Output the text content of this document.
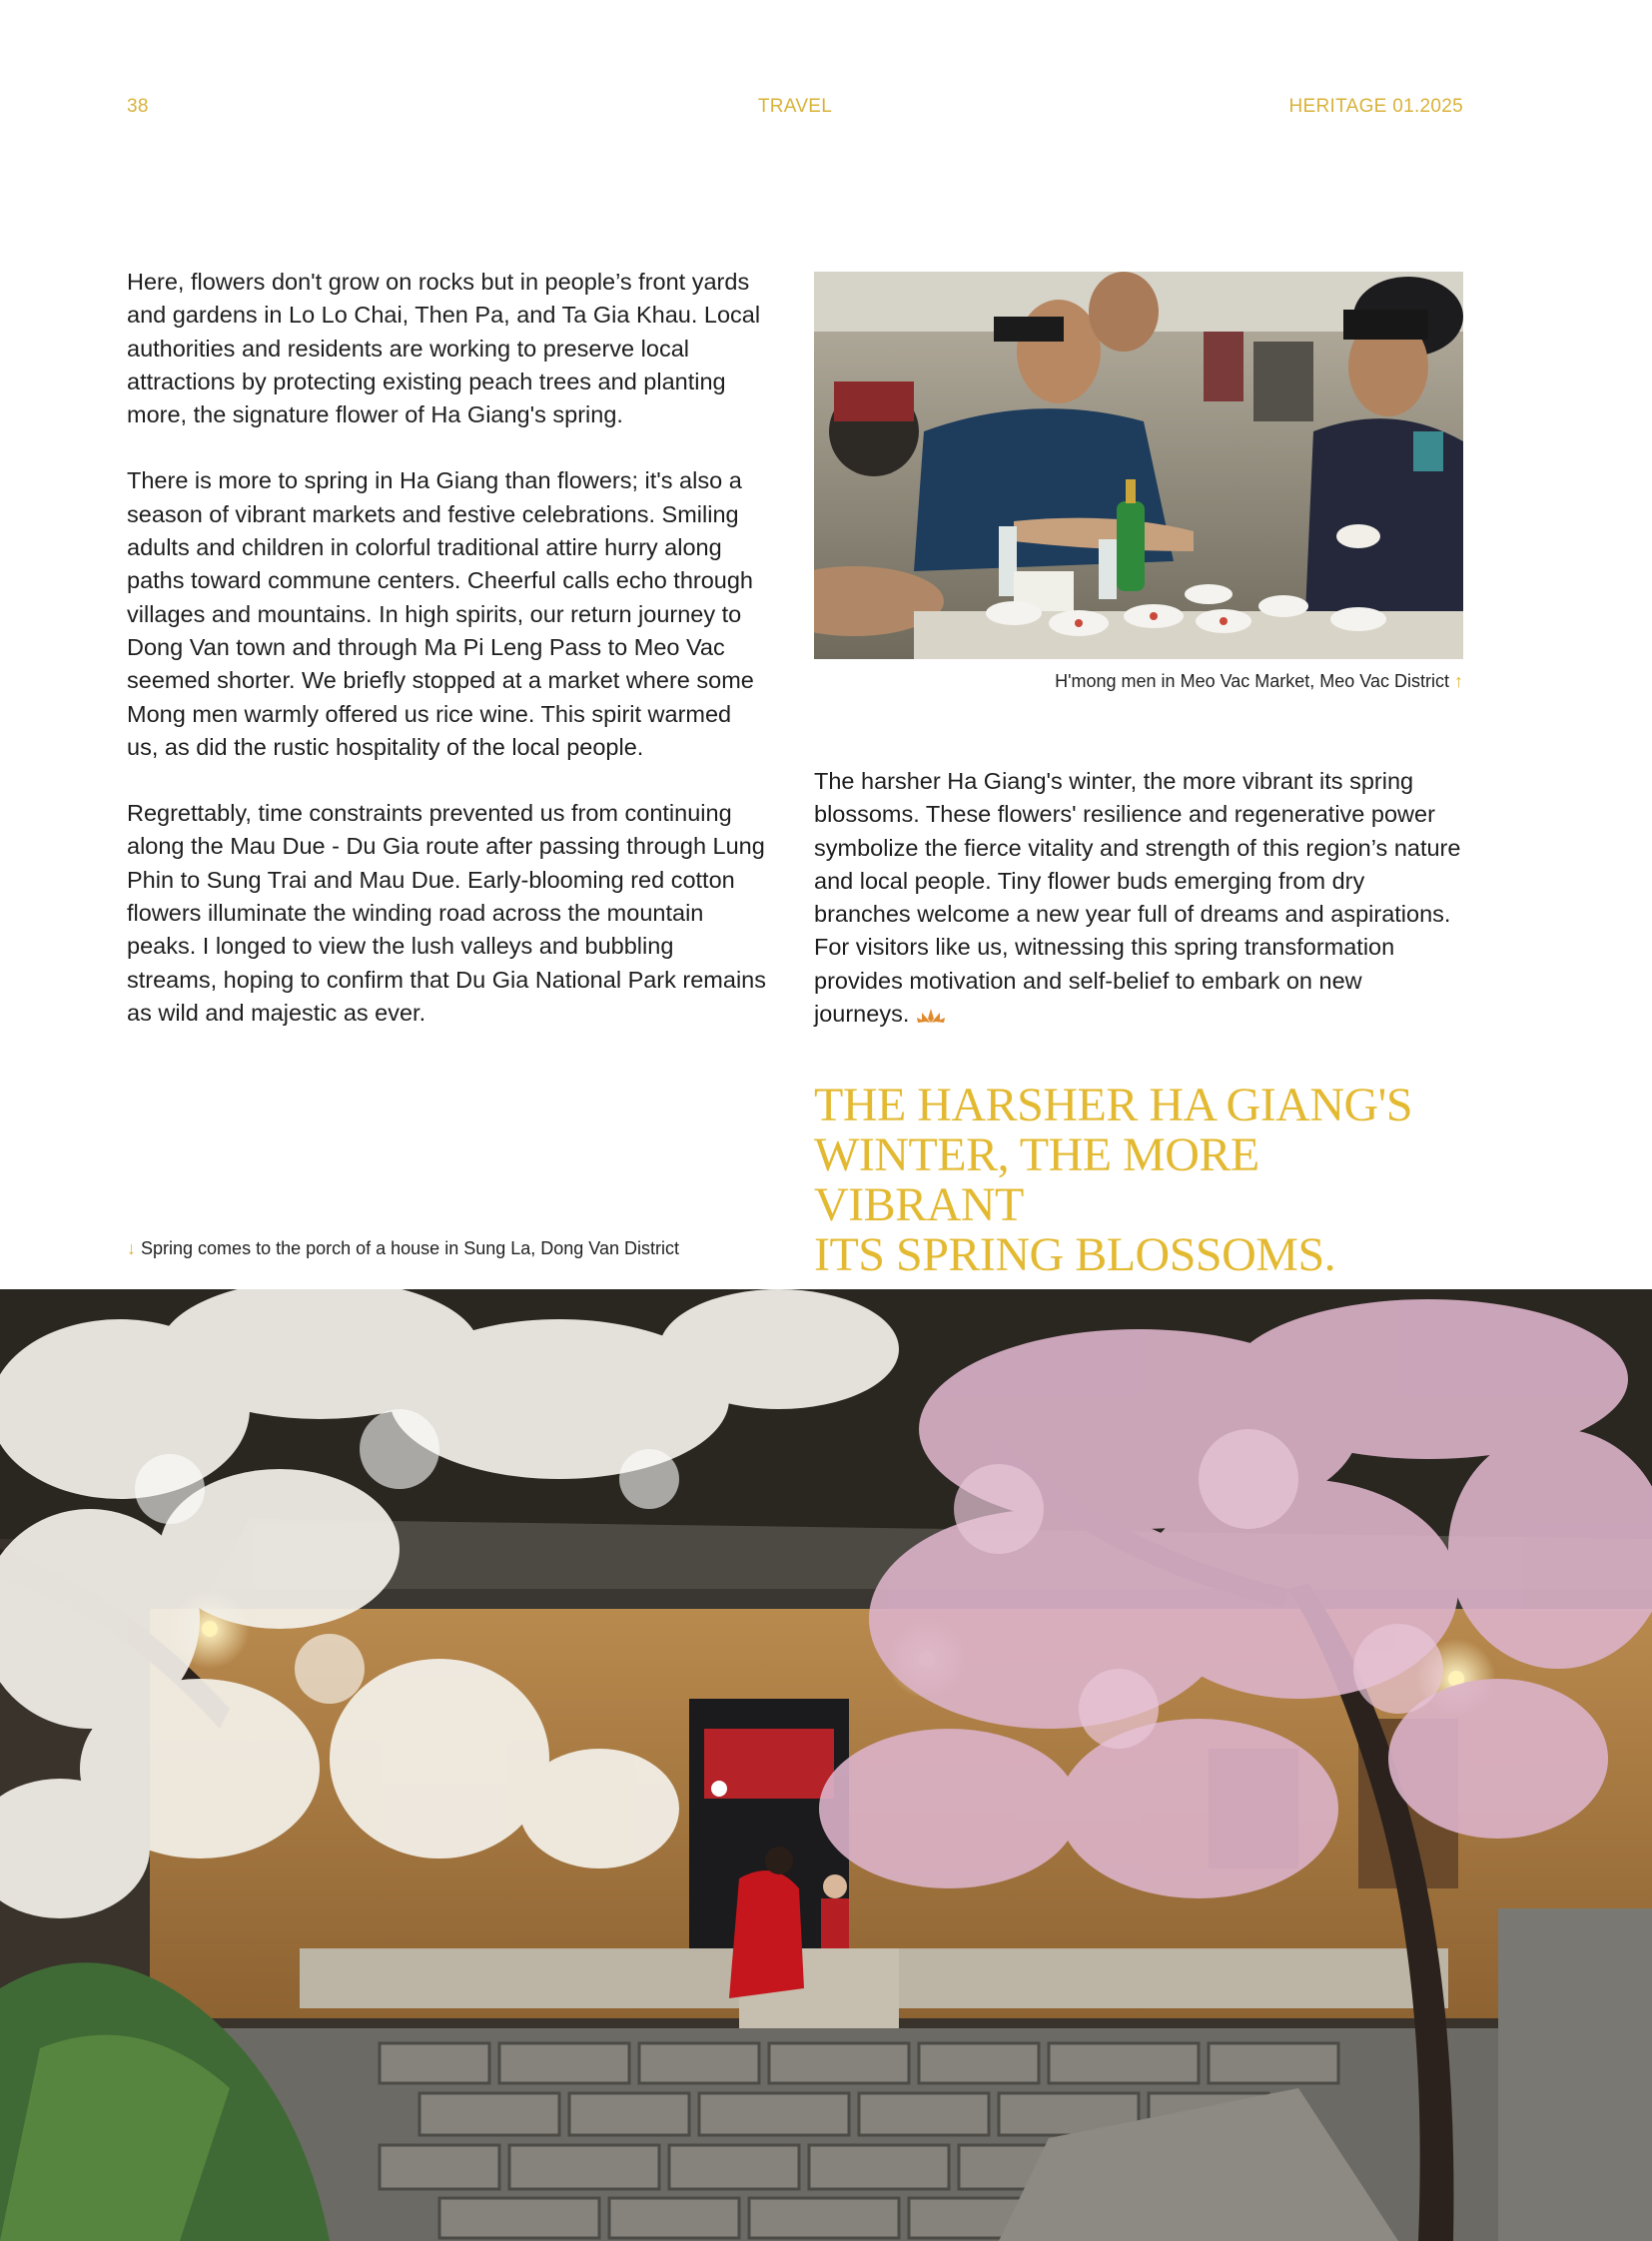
38	TRAVEL	HERITAGE 01.2025

Here, flowers don't grow on rocks but in people’s front yards and gardens in Lo Lo Chai, Then Pa, and Ta Gia Khau. Local authorities and residents are working to preserve local attractions by protecting existing peach trees and planting more, the signature flower of Ha Giang's spring.

There is more to spring in Ha Giang than flowers; it's also a season of vibrant markets and festive celebrations. Smiling adults and children in colorful traditional attire hurry along paths toward commune centers. Cheerful calls echo through villages and mountains. In high spirits, our return journey to Dong Van town and through Ma Pi Leng Pass to Meo Vac seemed shorter. We briefly stopped at a market where some Mong men warmly offered us rice wine. This spirit warmed us, as did the rustic hospitality of the local people.

Regrettably, time constraints prevented us from continuing along the Mau Due - Du Gia route after passing through Lung Phin to Sung Trai and Mau Due. Early-blooming red cotton flowers illuminate the winding road across the mountain peaks. I longed to view the lush valleys and bubbling streams, hoping to confirm that Du Gia National Park remains as wild and majestic as ever.

H'mong men in Meo Vac Market, Meo Vac District ↑

The harsher Ha Giang's winter, the more vibrant its spring blossoms. These flowers' resilience and regenerative power symbolize the fierce vitality and strength of this region’s nature and local people. Tiny flower buds emerging from dry branches welcome a new year full of dreams and aspirations. For visitors like us, witnessing this spring transformation provides motivation and self-belief to embark on new journeys.

THE HARSHER HA GIANG'S
WINTER, THE MORE VIBRANT
ITS SPRING BLOSSOMS.
↓ Spring comes to the porch of a house in Sung La, Dong Van District
